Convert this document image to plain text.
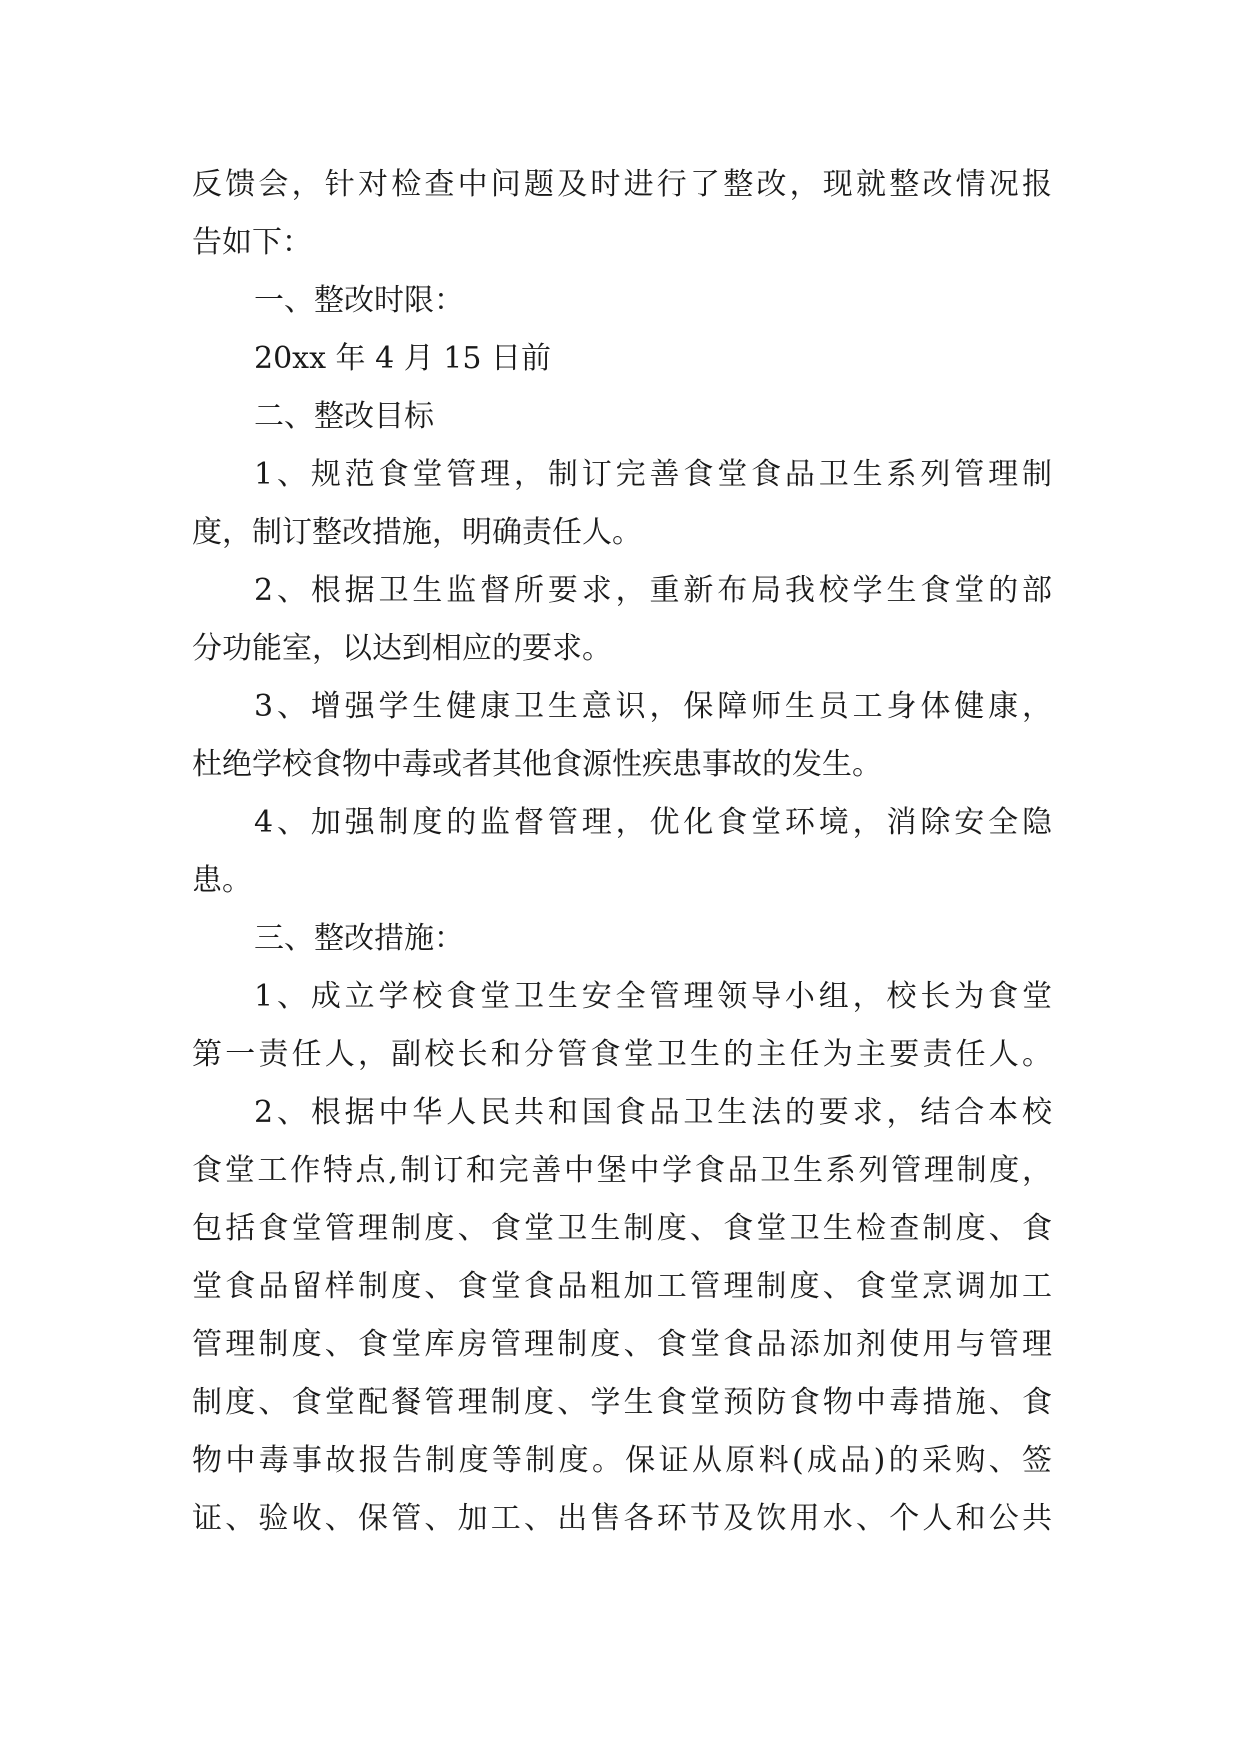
反馈会，针对检查中问题及时进行了整改，现就整改情况报
告如下：
一、整改时限：
20xx 年 4 月 15 日前
二、整改目标
1、规范食堂管理，制订完善食堂食品卫生系列管理制
度，制订整改措施，明确责任人。
2、根据卫生监督所要求，重新布局我校学生食堂的部
分功能室，以达到相应的要求。
3、增强学生健康卫生意识，保障师生员工身体健康，
杜绝学校食物中毒或者其他食源性疾患事故的发生。
4、加强制度的监督管理，优化食堂环境，消除安全隐
患。
三、整改措施：
1、成立学校食堂卫生安全管理领导小组，校长为食堂
第一责任人，副校长和分管食堂卫生的主任为主要责任人。
2、根据中华人民共和国食品卫生法的要求，结合本校
食堂工作特点,制订和完善中堡中学食品卫生系列管理制度，
包括食堂管理制度、食堂卫生制度、食堂卫生检查制度、食
堂食品留样制度、食堂食品粗加工管理制度、食堂烹调加工
管理制度、食堂库房管理制度、食堂食品添加剂使用与管理
制度、食堂配餐管理制度、学生食堂预防食物中毒措施、食
物中毒事故报告制度等制度。保证从原料(成品)的采购、签
证、验收、保管、加工、出售各环节及饮用水、个人和公共
